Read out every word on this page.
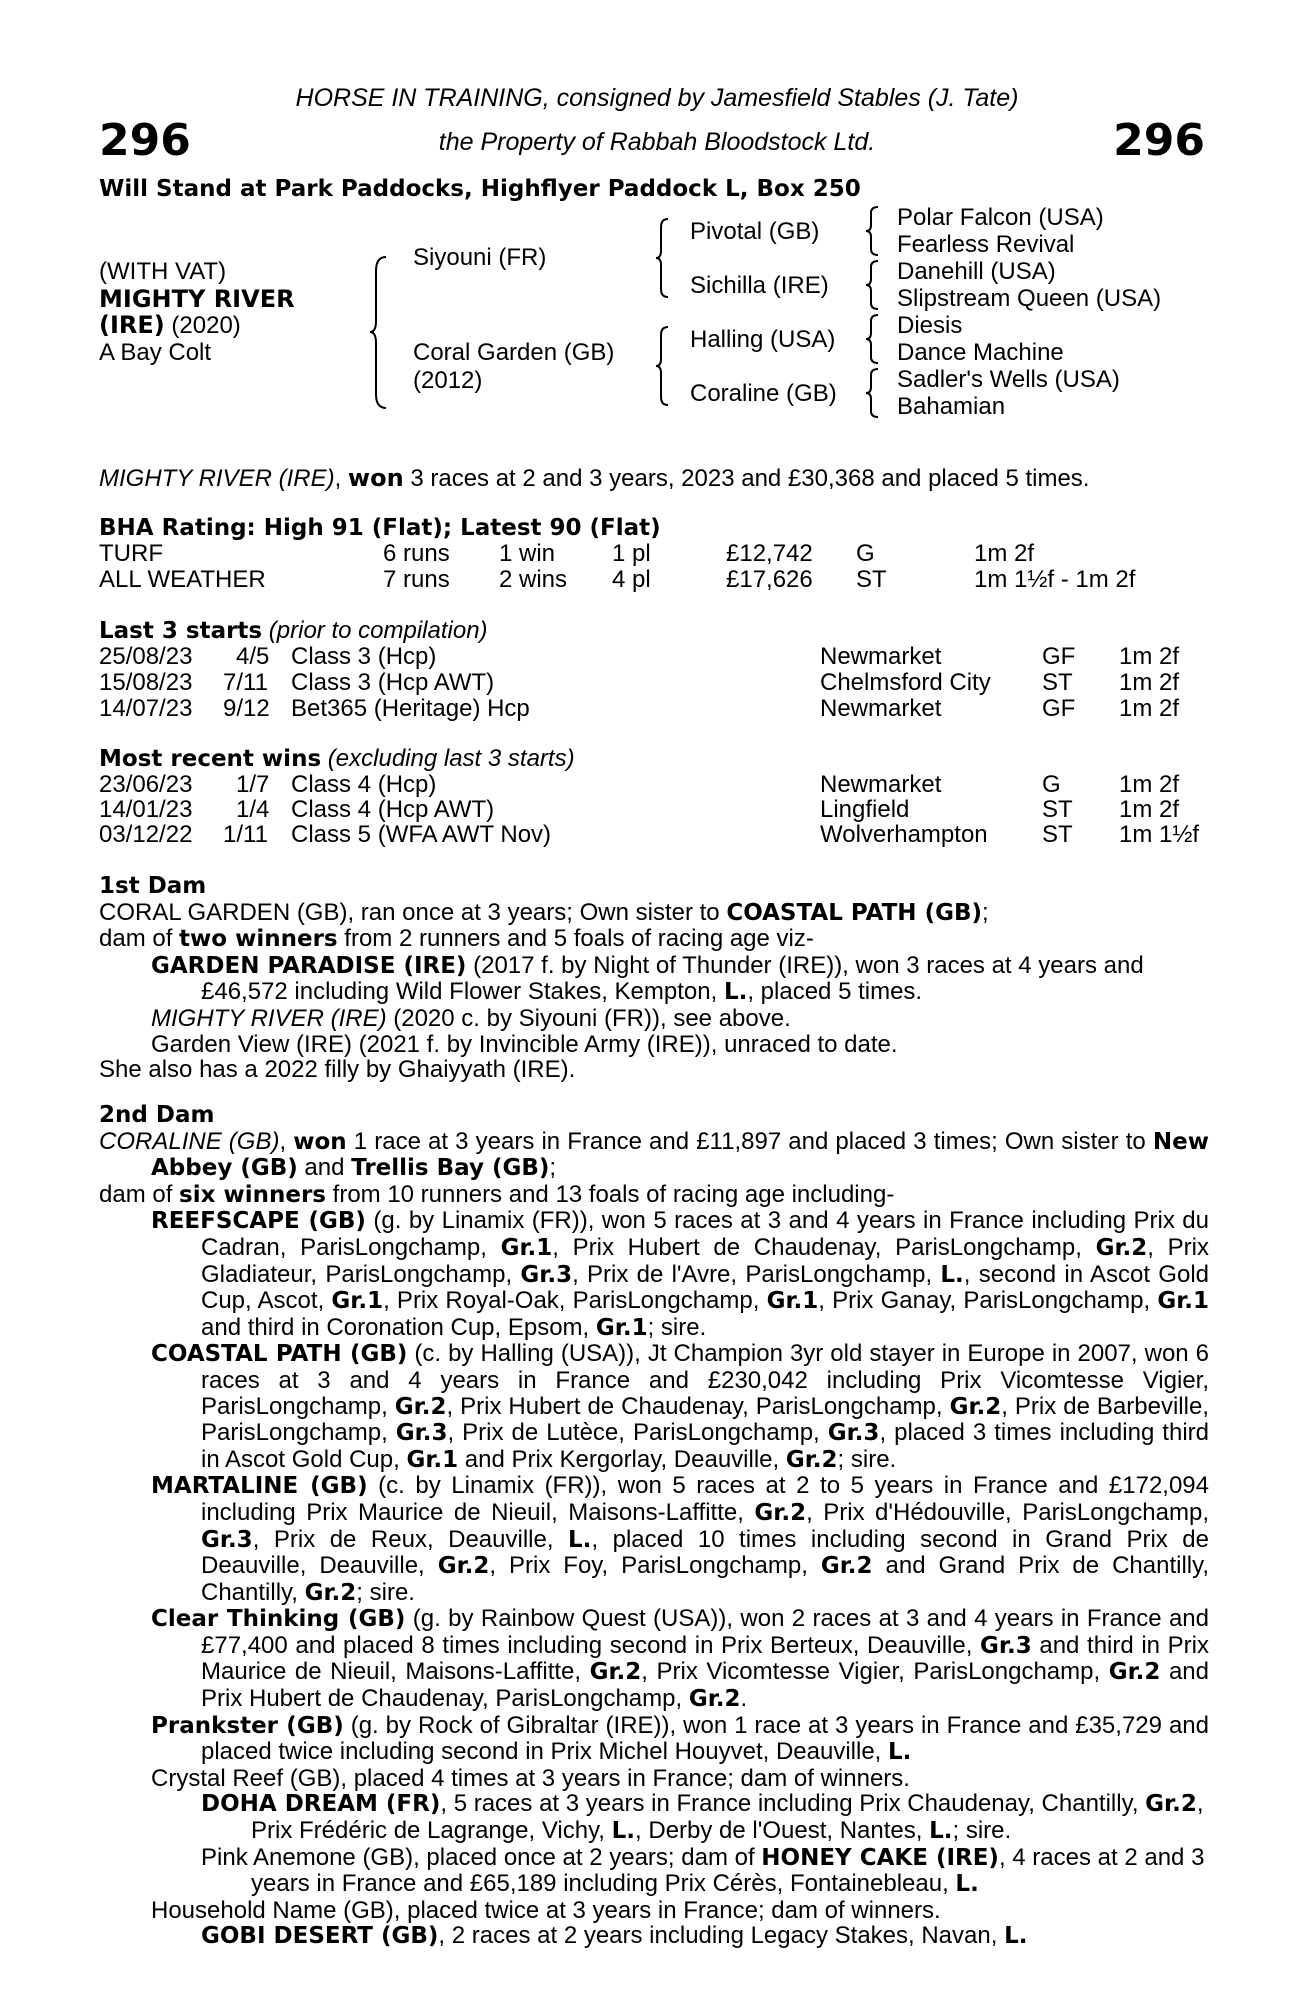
296	296
HORSE IN TRAINING, consigned by Jamesfield Stables (J. Tate)
the Property of Rabbah Bloodstock Ltd.
Will Stand at Park Paddocks, Highflyer Paddock L, Box 250
(WITH VAT)
MIGHTY RIVER
(IRE) (2020)
A Bay Colt
Siyouni (FR)
Coral Garden (GB)
(2012)
Pivotal (GB)
Sichilla (IRE)
Halling (USA)
Coraline (GB)
Polar Falcon (USA)
Fearless Revival
Danehill (USA)
Slipstream Queen (USA)
Diesis
Dance Machine
Sadler's Wells (USA)
Bahamian
MIGHTY RIVER (IRE), won 3 races at 2 and 3 years, 2023 and £30,368 and placed 5 times.
BHA Rating: High 91 (Flat); Latest 90 (Flat)
TURF	6 runs 1 win 1 pl	£12,742 G	1m 2f
ALL WEATHER	7 runs 2 wins 4 pl	£17,626 ST	1m 1½f - 1m 2f
Last 3 starts (prior to compilation)
25/08/23 4/5 Class 3 (Hcp)	Newmarket	GF 1m 2f
15/08/23 7/11 Class 3 (Hcp AWT)	Chelmsford City ST 1m 2f
14/07/23 9/12 Bet365 (Heritage) Hcp	Newmarket	GF 1m 2f
Most recent wins (excluding last 3 starts)
23/06/23 1/7 Class 4 (Hcp)	Newmarket	G 1m 2f
14/01/23 1/4 Class 4 (Hcp AWT)	Lingfield	ST 1m 2f
03/12/22 1/11 Class 5 (WFA AWT Nov)	Wolverhampton ST 1m 1½f

1st Dam

CORAL GARDEN (GB), ran once at 3 years; Own sister to COASTAL PATH (GB);

dam of two winners from 2 runners and 5 foals of racing age viz-

GARDEN PARADISE (IRE) (2017 f. by Night of Thunder (IRE)), won 3 races at 4 years and £46,572 including Wild Flower Stakes, Kempton, L., placed 5 times.

MIGHTY RIVER (IRE) (2020 c. by Siyouni (FR)), see above.

Garden View (IRE) (2021 f. by Invincible Army (IRE)), unraced to date.

She also has a 2022 filly by Ghaiyyath (IRE).

2nd Dam

CORALINE (GB), won 1 race at 3 years in France and £11,897 and placed 3 times; Own sister to New Abbey (GB) and Trellis Bay (GB);

dam of six winners from 10 runners and 13 foals of racing age including-

REEFSCAPE (GB) (g. by Linamix (FR)), won 5 races at 3 and 4 years in France including Prix du Cadran, ParisLongchamp, Gr.1, Prix Hubert de Chaudenay, ParisLongchamp, Gr.2, Prix Gladiateur, ParisLongchamp, Gr.3, Prix de l'Avre, ParisLongchamp, L., second in Ascot Gold Cup, Ascot, Gr.1, Prix Royal-Oak, ParisLongchamp, Gr.1, Prix Ganay, ParisLongchamp, Gr.1 and third in Coronation Cup, Epsom, Gr.1; sire.

COASTAL PATH (GB) (c. by Halling (USA)), Jt Champion 3yr old stayer in Europe in 2007, won 6 races at 3 and 4 years in France and £230,042 including Prix Vicomtesse Vigier, ParisLongchamp, Gr.2, Prix Hubert de Chaudenay, ParisLongchamp, Gr.2, Prix de Barbeville, ParisLongchamp, Gr.3, Prix de Lutèce, ParisLongchamp, Gr.3, placed 3 times including third in Ascot Gold Cup, Gr.1 and Prix Kergorlay, Deauville, Gr.2; sire.

MARTALINE (GB) (c. by Linamix (FR)), won 5 races at 2 to 5 years in France and £172,094 including Prix Maurice de Nieuil, Maisons-Laffitte, Gr.2, Prix d'Hédouville, ParisLongchamp, Gr.3, Prix de Reux, Deauville, L., placed 10 times including second in Grand Prix de Deauville, Deauville, Gr.2, Prix Foy, ParisLongchamp, Gr.2 and Grand Prix de Chantilly, Chantilly, Gr.2; sire.

Clear Thinking (GB) (g. by Rainbow Quest (USA)), won 2 races at 3 and 4 years in France and £77,400 and placed 8 times including second in Prix Berteux, Deauville, Gr.3 and third in Prix Maurice de Nieuil, Maisons-Laffitte, Gr.2, Prix Vicomtesse Vigier, ParisLongchamp, Gr.2 and Prix Hubert de Chaudenay, ParisLongchamp, Gr.2.

Prankster (GB) (g. by Rock of Gibraltar (IRE)), won 1 race at 3 years in France and £35,729 and placed twice including second in Prix Michel Houyvet, Deauville, L.

Crystal Reef (GB), placed 4 times at 3 years in France; dam of winners.

DOHA DREAM (FR), 5 races at 3 years in France including Prix Chaudenay, Chantilly, Gr.2, Prix Frédéric de Lagrange, Vichy, L., Derby de l'Ouest, Nantes, L.; sire.

Pink Anemone (GB), placed once at 2 years; dam of HONEY CAKE (IRE), 4 races at 2 and 3 years in France and £65,189 including Prix Cérès, Fontainebleau, L.

Household Name (GB), placed twice at 3 years in France; dam of winners.

GOBI DESERT (GB), 2 races at 2 years including Legacy Stakes, Navan, L.
